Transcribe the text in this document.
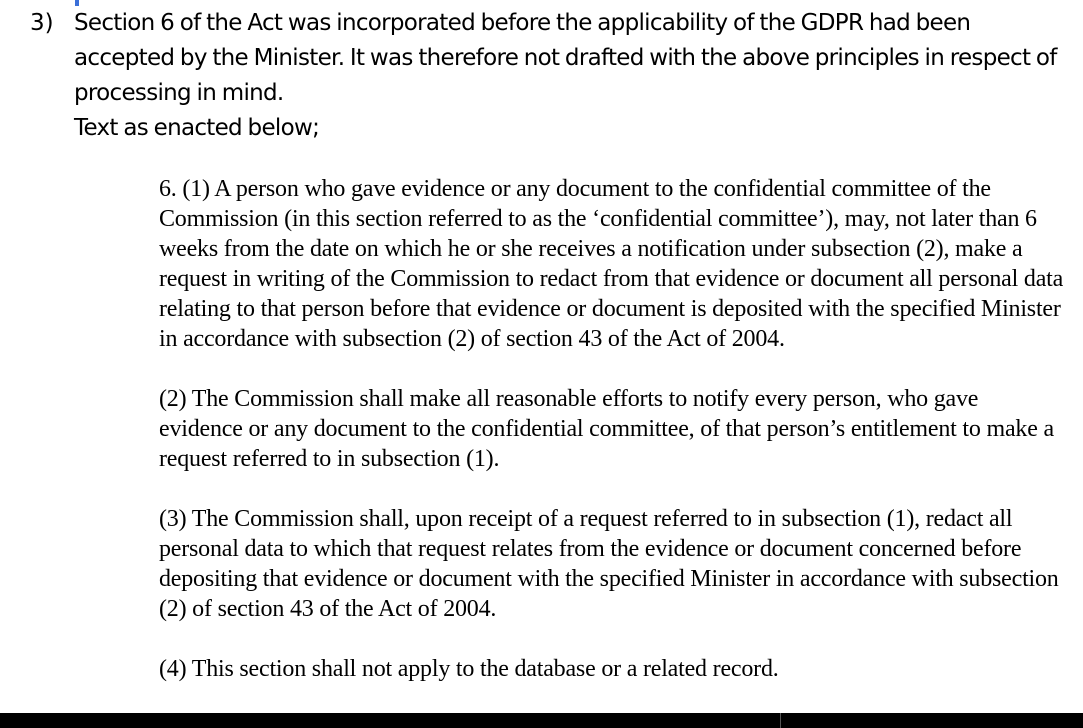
3) Section 6 of the Act was incorporated before the applicability of the GDPR had been accepted by the Minister. It was therefore not drafted with the above principles in respect of processing in mind.

Text as enacted below;

6. (1) A person who gave evidence or any document to the confidential committee of the Commission (in this section referred to as the ‘confidential committee’), may, not later than 6 weeks from the date on which he or she receives a notification under subsection (2), make a request in writing of the Commission to redact from that evidence or document all personal data relating to that person before that evidence or document is deposited with the specified Minister in accordance with subsection (2) of section 43 of the Act of 2004.

(2) The Commission shall make all reasonable efforts to notify every person, who gave evidence or any document to the confidential committee, of that person’s entitlement to make a request referred to in subsection (1).

(3) The Commission shall, upon receipt of a request referred to in subsection (1), redact all personal data to which that request relates from the evidence or document concerned before depositing that evidence or document with the specified Minister in accordance with subsection (2) of section 43 of the Act of 2004.

(4) This section shall not apply to the database or a related record.
